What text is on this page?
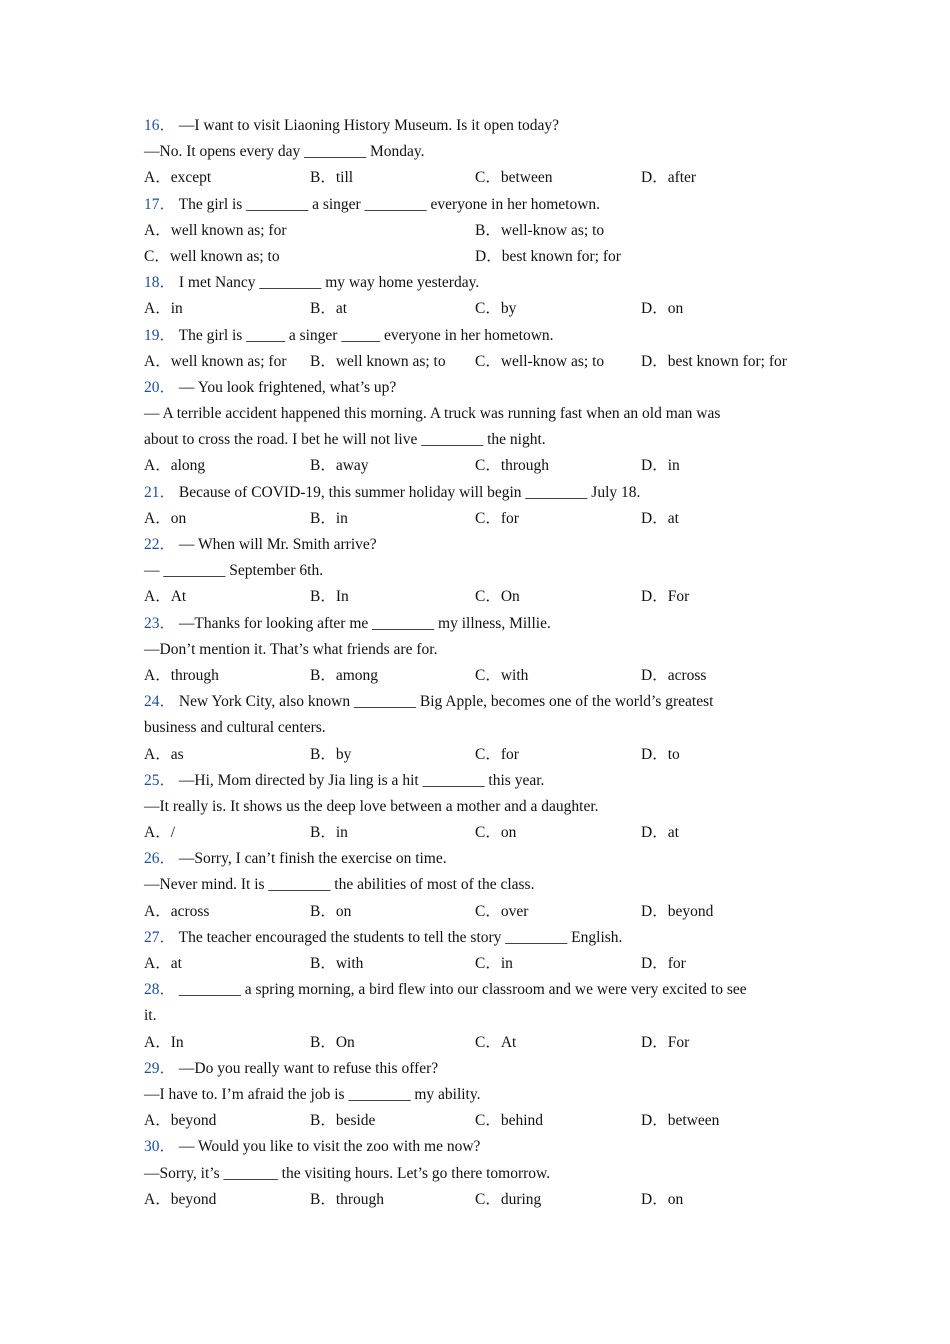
16． —I want to visit Liaoning History Museum. Is it open today?
—No. It opens every day ________ Monday.
A．except	B．till	C．between	D．after
17． The girl is ________ a singer ________ everyone in her hometown.
A．well known as; for	B．well-know as; to
C．well known as; to	D．best known for; for
18． I met Nancy ________ my way home yesterday.
A．in	B．at	C．by	D．on
19． The girl is _____ a singer _____ everyone in her hometown.
A．well known as; for B．well known as; to C．well-know as; to D．best known for; for
20． — You look frightened, what’s up?
— A terrible accident happened this morning. A truck was running fast when an old man was
about to cross the road. I bet he will not live ________ the night.
A．along	B．away	C．through	D．in
21． Because of COVID-19, this summer holiday will begin ________ July 18.
A．on	B．in	C．for	D．at
22． — When will Mr. Smith arrive?
— ________ September 6th.
A．At	B．In	C．On	D．For
23． —Thanks for looking after me ________ my illness, Millie.
—Don’t mention it. That’s what friends are for.
A．through	B．among	C．with	D．across
24． New York City, also known ________ Big Apple, becomes one of the world’s greatest
business and cultural centers.
A．as	B．by	C．for	D．to
25． —Hi, Mom directed by Jia ling is a hit ________ this year.
—It really is. It shows us the deep love between a mother and a daughter.
A．/	B．in	C．on	D．at
26． —Sorry, I can’t finish the exercise on time.
—Never mind. It is ________ the abilities of most of the class.
A．across	B．on	C．over	D．beyond
27． The teacher encouraged the students to tell the story ________ English.
A．at	B．with	C．in	D．for
28． ________ a spring morning, a bird flew into our classroom and we were very excited to see
it.
A．In	B．On	C．At	D．For
29． —Do you really want to refuse this offer?
—I have to. I’m afraid the job is ________ my ability.
A．beyond	B．beside	C．behind	D．between
30． — Would you like to visit the zoo with me now?
—Sorry, it’s _______ the visiting hours. Let’s go there tomorrow.
A．beyond	B．through	C．during	D．on
